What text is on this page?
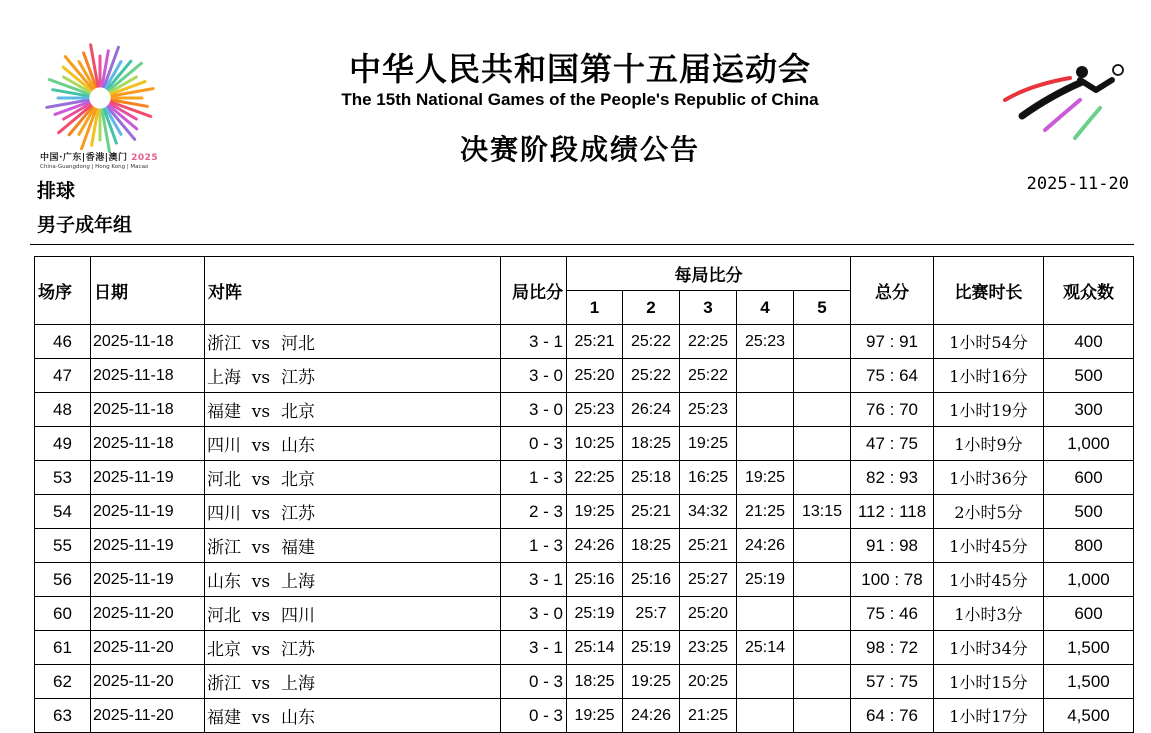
中国·广东|香港|澳门 2025
China-Guangdong | Hong Kong | Macao
中华人民共和国第十五届运动会
The 15th National Games of the People's Republic of China
决赛阶段成绩公告
2025-11-20
排球
男子成年组
场序	日期	对阵	局比分	每局比分					总分	比赛时长	观众数
				1	2	3	4	5			
46	2025-11-18	浙江  vs  河北	3 - 1	25:21	25:22	22:25	25:23		97 : 91	1小时54分	400
47	2025-11-18	上海  vs  江苏	3 - 0	25:20	25:22	25:22			75 : 64	1小时16分	500
48	2025-11-18	福建  vs  北京	3 - 0	25:23	26:24	25:23			76 : 70	1小时19分	300
49	2025-11-18	四川  vs  山东	0 - 3	10:25	18:25	19:25			47 : 75	1小时9分	1,000
53	2025-11-19	河北  vs  北京	1 - 3	22:25	25:18	16:25	19:25		82 : 93	1小时36分	600
54	2025-11-19	四川  vs  江苏	2 - 3	19:25	25:21	34:32	21:25	13:15	112 : 118	2小时5分	500
55	2025-11-19	浙江  vs  福建	1 - 3	24:26	18:25	25:21	24:26		91 : 98	1小时45分	800
56	2025-11-19	山东  vs  上海	3 - 1	25:16	25:16	25:27	25:19		100 : 78	1小时45分	1,000
60	2025-11-20	河北  vs  四川	3 - 0	25:19	25:7	25:20			75 : 46	1小时3分	600
61	2025-11-20	北京  vs  江苏	3 - 1	25:14	25:19	23:25	25:14		98 : 72	1小时34分	1,500
62	2025-11-20	浙江  vs  上海	0 - 3	18:25	19:25	20:25			57 : 75	1小时15分	1,500
63	2025-11-20	福建  vs  山东	0 - 3	19:25	24:26	21:25			64 : 76	1小时17分	4,500
